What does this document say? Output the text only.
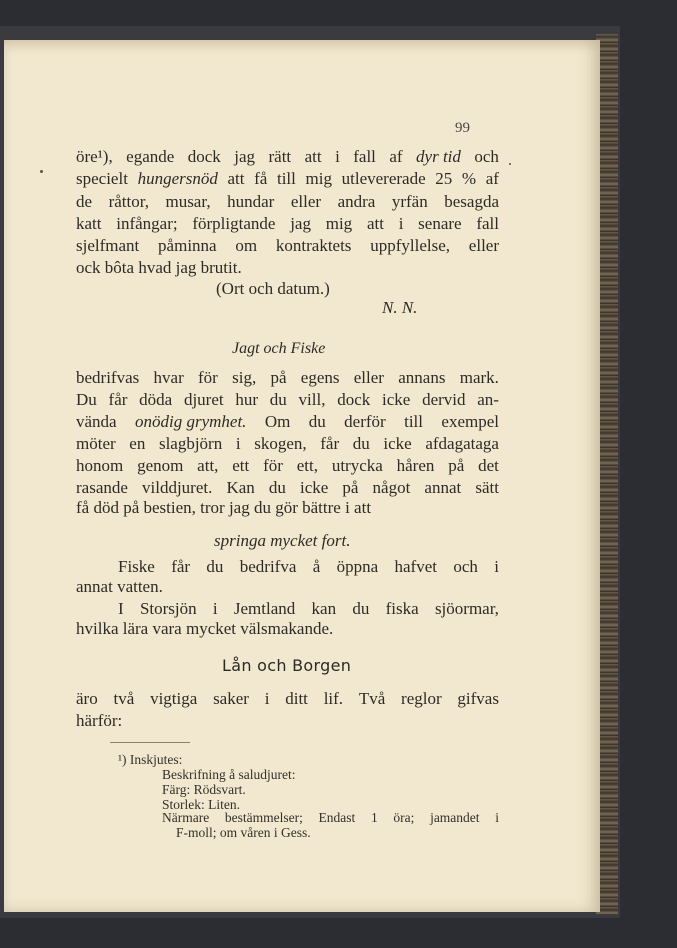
99
öre¹), egande dock jag rätt att i fall af dyr tid och
specielt hungersnöd att få till mig utlevererade 25 % af
de råttor, musar, hundar eller andra yrfän besagda
katt infångar; förpligtande jag mig att i senare fall
sjelfmant påminna om kontraktets uppfyllelse, eller
ock bôta hvad jag brutit.
(Ort och datum.)
N. N.
Jagt och Fiske
bedrifvas hvar för sig, på egens eller annans mark.
Du får döda djuret hur du vill, dock icke dervid an-
vända onödig grymhet. Om du derför till exempel
möter en slagbjörn i skogen, får du icke afdagataga
honom genom att, ett för ett, utrycka håren på det
rasande vilddjuret. Kan du icke på något annat sätt
få död på bestien, tror jag du gör bättre i att
springa mycket fort.
Fiske får du bedrifva å öppna hafvet och i
annat vatten.
I Storsjön i Jemtland kan du fiska sjöormar,
hvilka lära vara mycket välsmakande.
Lån och Borgen
äro två vigtiga saker i ditt lif. Två reglor gifvas
härför:
¹) Inskjutes:
Beskrifning å saludjuret:
Färg: Rödsvart.
Storlek: Liten.
Närmare bestämmelser; Endast 1 öra; jamandet i
F-moll; om våren i Gess.
